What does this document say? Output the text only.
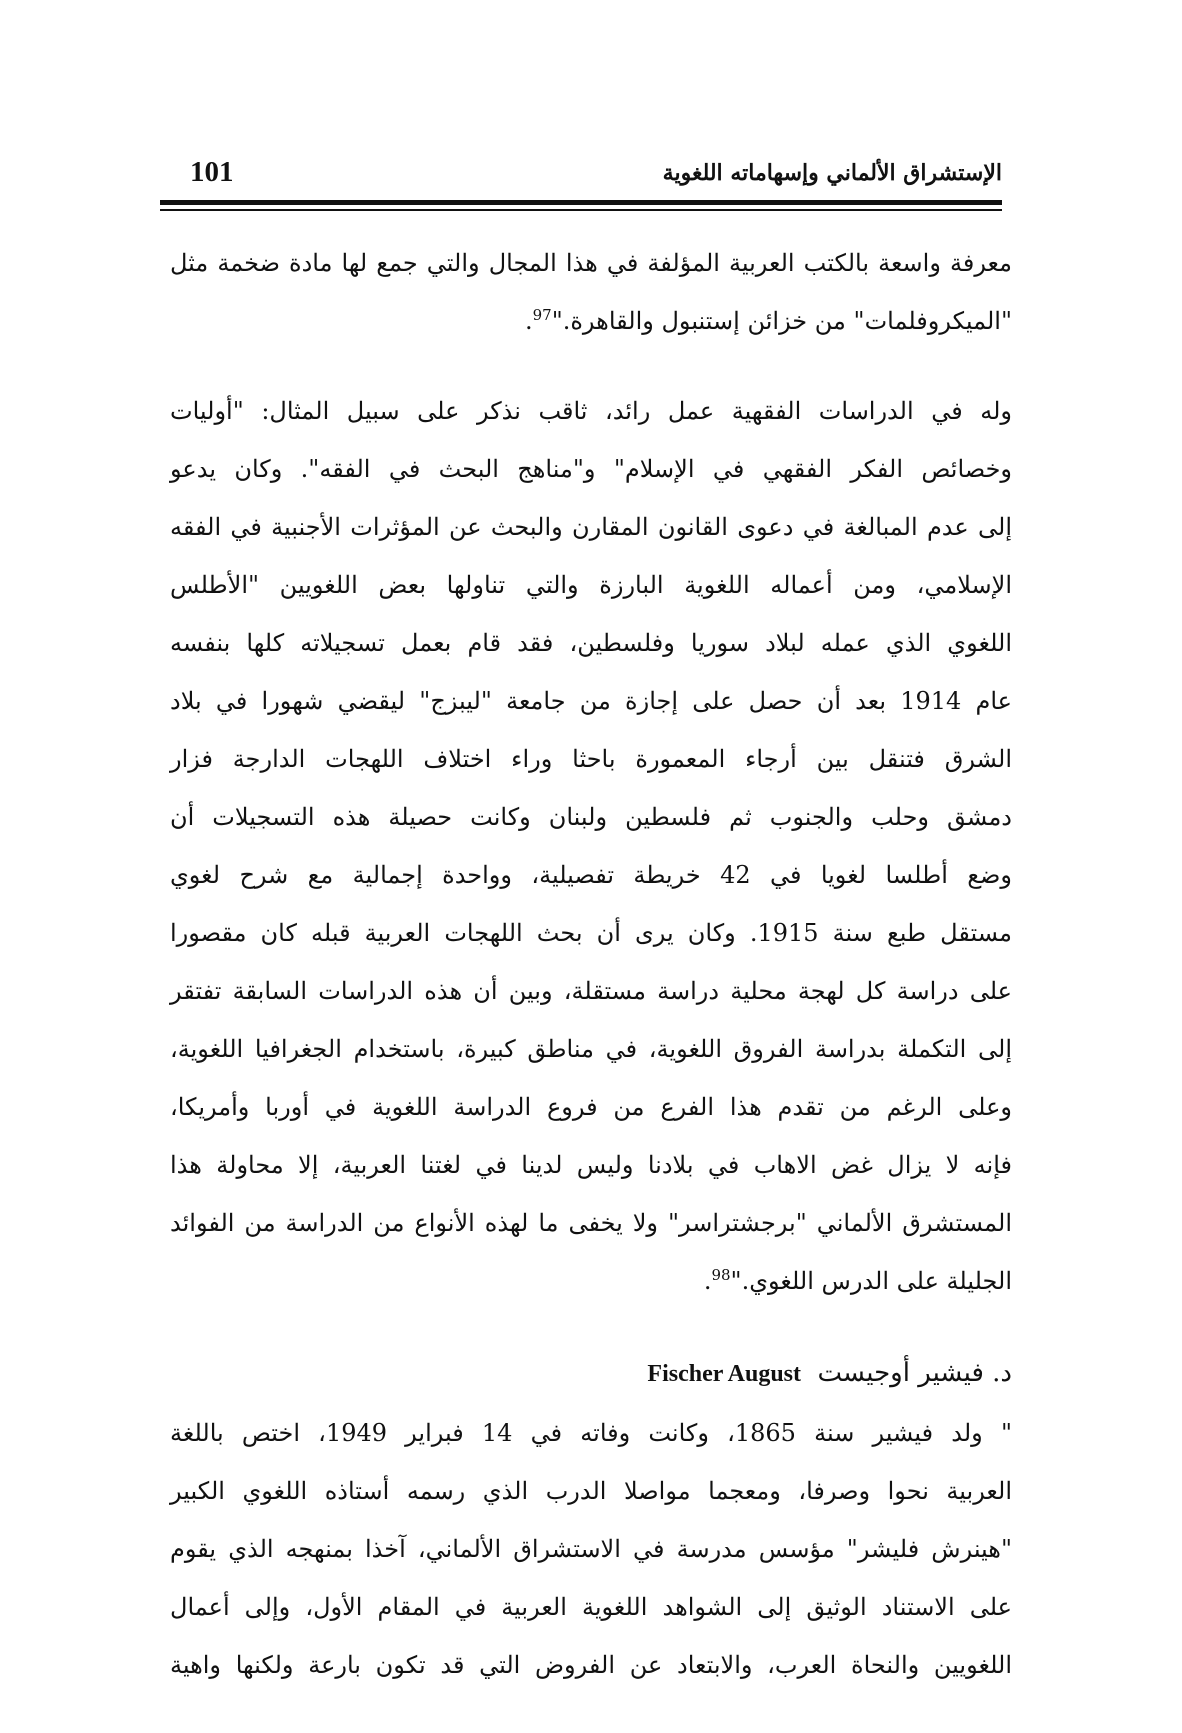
101	الإستشراق الألماني وإسهاماته اللغوية
معرفة واسعة بالكتب العربية المؤلفة في هذا المجال والتي جمع لها مادة ضخمة مثل
"الميكروفلمات" من خزائن إستنبول والقاهرة."$^{97}$.
وله في الدراسات الفقهية عمل رائد، ثاقب نذكر على سبيل المثال: "أوليات
وخصائص الفكر الفقهي في الإسلام" و"مناهج البحث في الفقه". وكان يدعو
إلى عدم المبالغة في دعوى القانون المقارن والبحث عن المؤثرات الأجنبية في الفقه
الإسلامي، ومن أعماله اللغوية البارزة والتي تناولها بعض اللغويين "الأطلس
اللغوي الذي عمله لبلاد سوريا وفلسطين، فقد قام بعمل تسجيلاته كلها بنفسه
عام 1914 بعد أن حصل على إجازة من جامعة "ليبزج" ليقضي شهورا في بلاد
الشرق فتنقل بين أرجاء المعمورة باحثا وراء اختلاف اللهجات الدارجة فزار
دمشق وحلب والجنوب ثم فلسطين ولبنان وكانت حصيلة هذه التسجيلات أن
وضع أطلسا لغويا في 42 خريطة تفصيلية، وواحدة إجمالية مع شرح لغوي
مستقل طبع سنة 1915. وكان يرى أن بحث اللهجات العربية قبله كان مقصورا
على دراسة كل لهجة محلية دراسة مستقلة، وبين أن هذه الدراسات السابقة تفتقر
إلى التكملة بدراسة الفروق اللغوية، في مناطق كبيرة، باستخدام الجغرافيا اللغوية،
وعلى الرغم من تقدم هذا الفرع من فروع الدراسة اللغوية في أوربا وأمريكا،
فإنه لا يزال غض الاهاب في بلادنا وليس لدينا في لغتنا العربية، إلا محاولة هذا
المستشرق الألماني "برجشتراسر" ولا يخفى ما لهذه الأنواع من الدراسة من الفوائد
الجليلة على الدرس اللغوي."$^{98}$.
د. فيشير أوجيست  Fischer August
" ولد فيشير سنة 1865، وكانت وفاته في 14 فبراير 1949، اختص باللغة
العربية نحوا وصرفا، ومعجما مواصلا الدرب الذي رسمه أستاذه اللغوي الكبير
"هينرش فليشر" مؤسس مدرسة في الاستشراق الألماني، آخذا بمنهجه الذي يقوم
على الاستناد الوثيق إلى الشواهد اللغوية العربية في المقام الأول، وإلى أعمال
اللغويين والنحاة العرب، والابتعاد عن الفروض التي قد تكون بارعة ولكنها واهية
